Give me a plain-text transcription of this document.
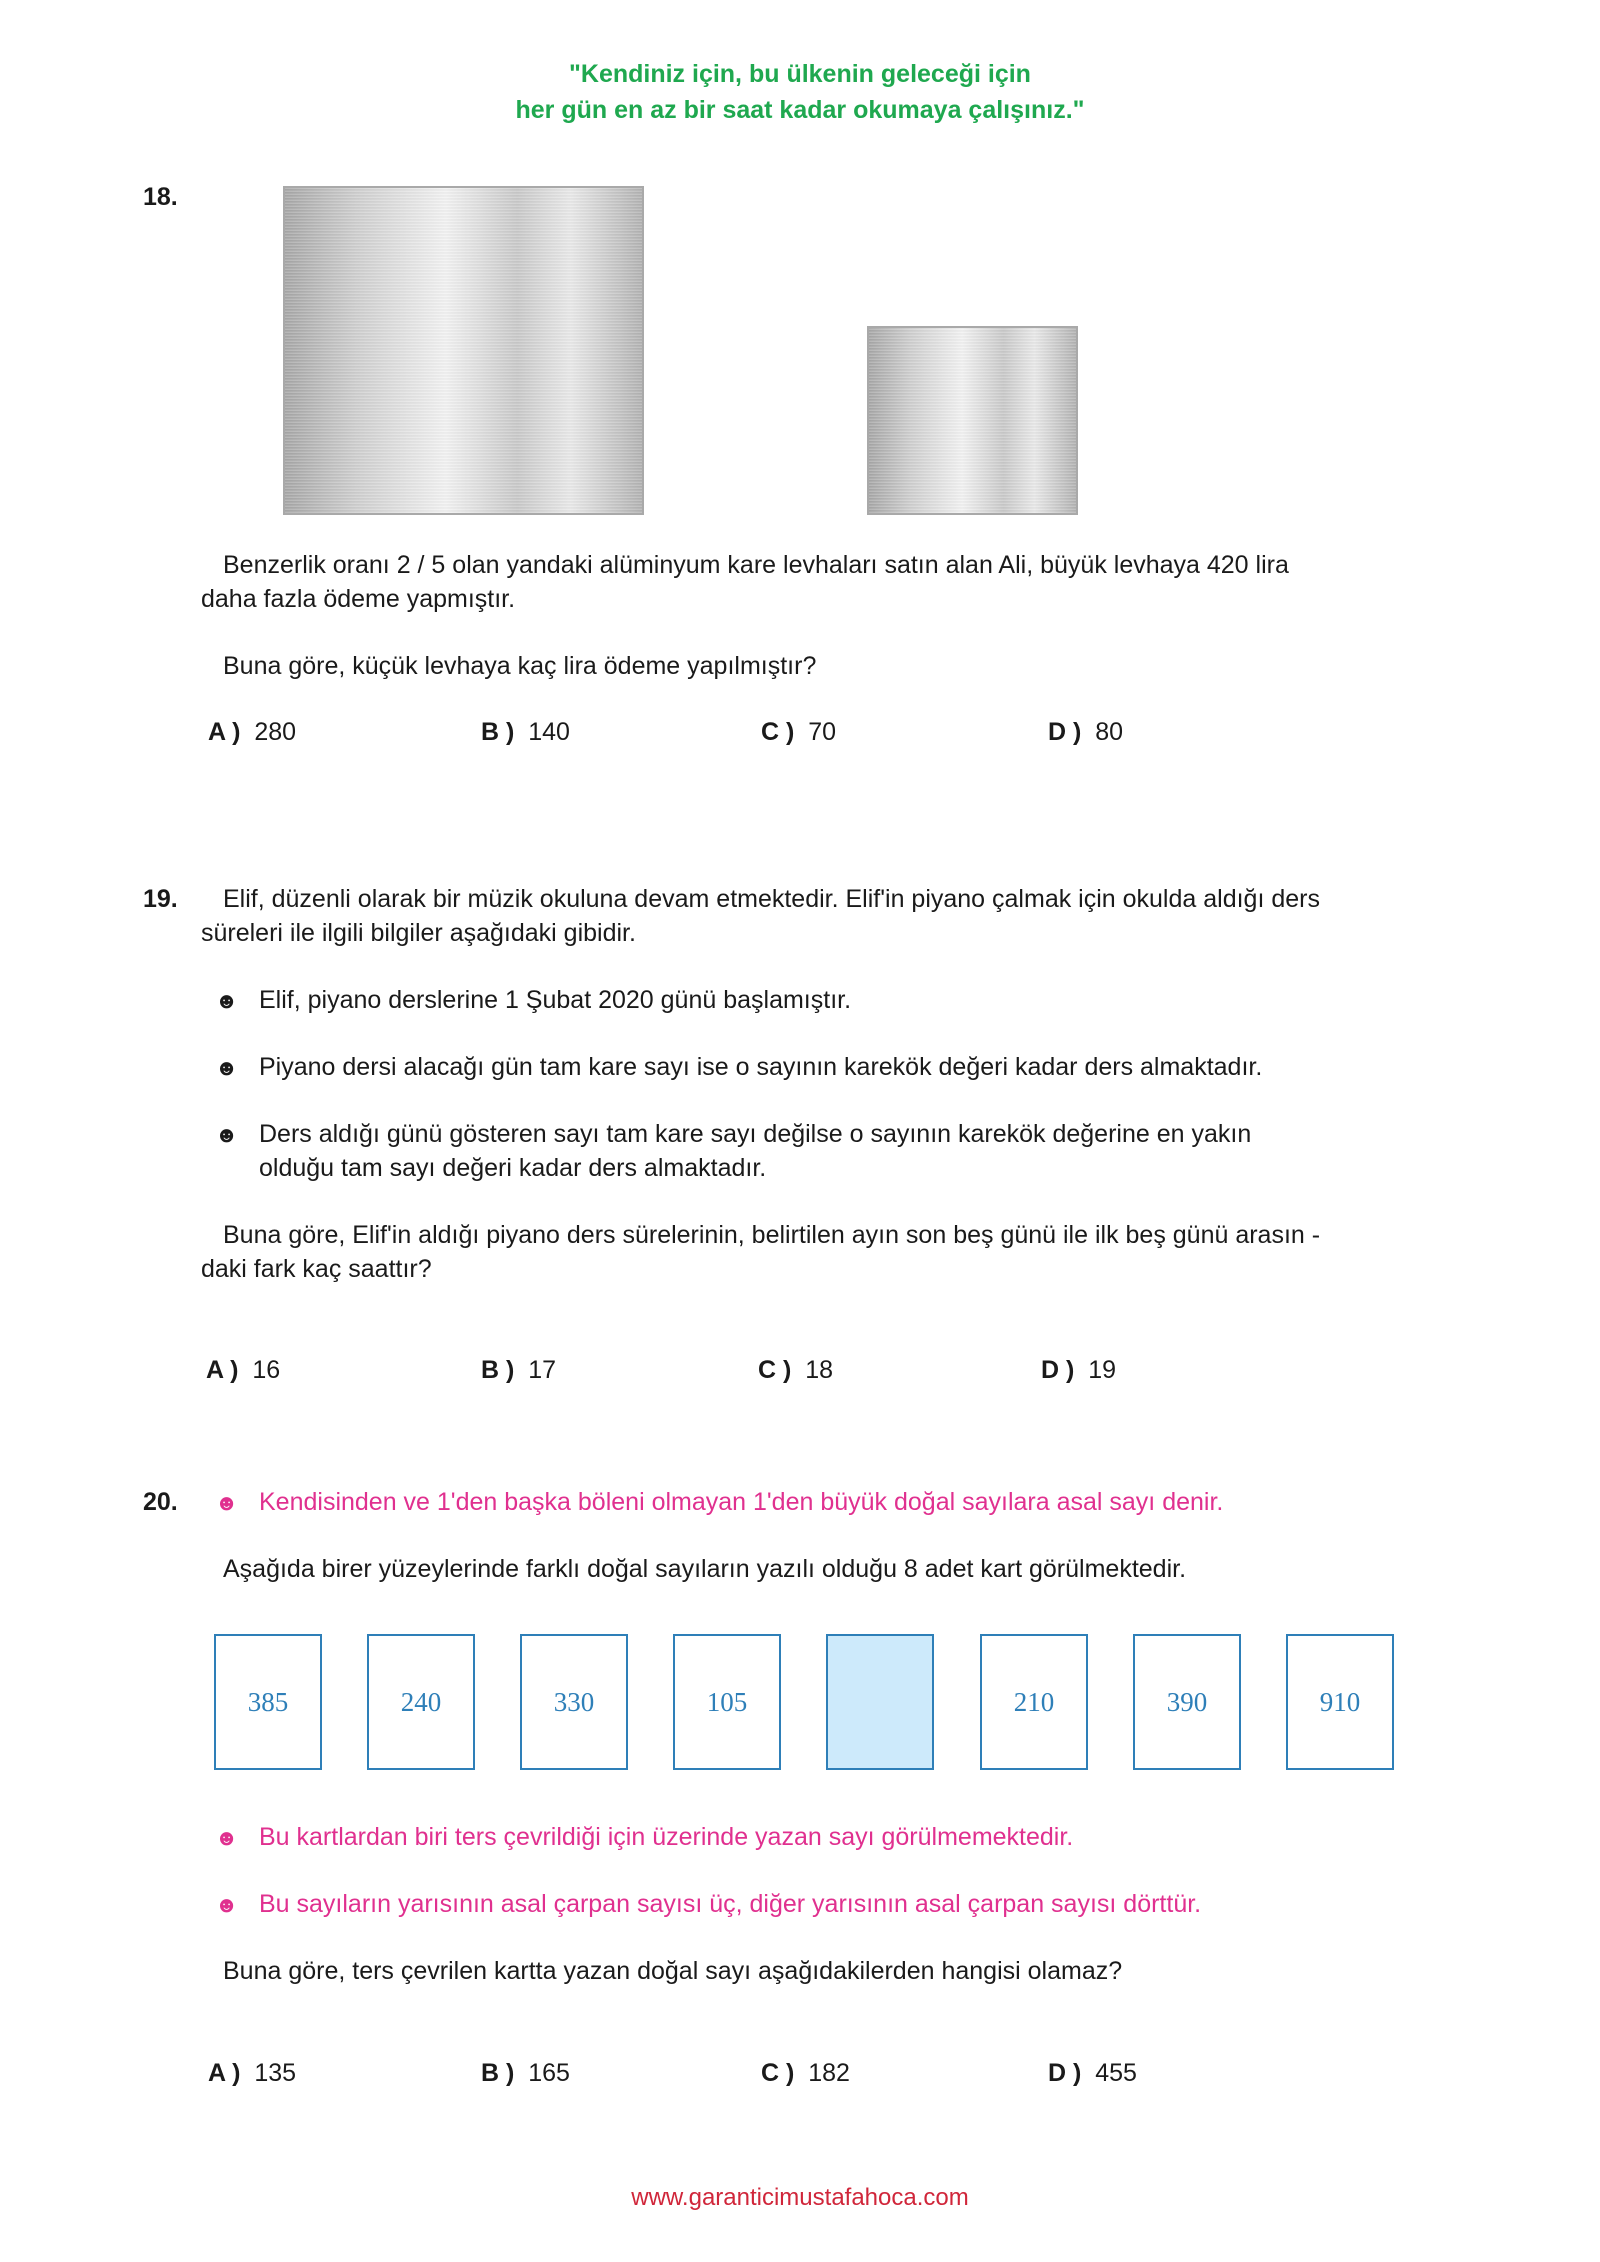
"Kendiniz için, bu ülkenin geleceği için
her gün en az bir saat kadar okumaya çalışınız."
18.
Benzerlik oranı 2 / 5 olan yandaki alüminyum kare levhaları satın alan Ali, büyük levhaya 420 lira
daha fazla ödeme yapmıştır.
Buna göre, küçük levhaya kaç lira ödeme yapılmıştır?
A ) 280	B ) 140	C ) 70	D ) 80
19. Elif, düzenli olarak bir müzik okuluna devam etmektedir. Elif'in piyano çalmak için okulda aldığı ders
süreleri ile ilgili bilgiler aşağıdaki gibidir.
☻ Elif, piyano derslerine 1 Şubat 2020 günü başlamıştır.
☻ Piyano dersi alacağı gün tam kare sayı ise o sayının karekök değeri kadar ders almaktadır.
☻ Ders aldığı günü gösteren sayı tam kare sayı değilse o sayının karekök değerine en yakın
olduğu tam sayı değeri kadar ders almaktadır.
Buna göre, Elif'in aldığı piyano ders sürelerinin, belirtilen ayın son beş günü ile ilk beş günü arasın -
daki fark kaç saattır?
A ) 16	B ) 17	C ) 18	D ) 19
20. ☻ Kendisinden ve 1'den başka böleni olmayan 1'den büyük doğal sayılara asal sayı denir.
Aşağıda birer yüzeylerinde farklı doğal sayıların yazılı olduğu 8 adet kart görülmektedir.
385	240	330	105	210	390	910
☻ Bu kartlardan biri ters çevrildiği için üzerinde yazan sayı görülmemektedir.
☻ Bu sayıların yarısının asal çarpan sayısı üç, diğer yarısının asal çarpan sayısı dörttür.
Buna göre, ters çevrilen kartta yazan doğal sayı aşağıdakilerden hangisi olamaz?
A ) 135	B ) 165	C ) 182	D ) 455
www.garanticimustafahoca.com
